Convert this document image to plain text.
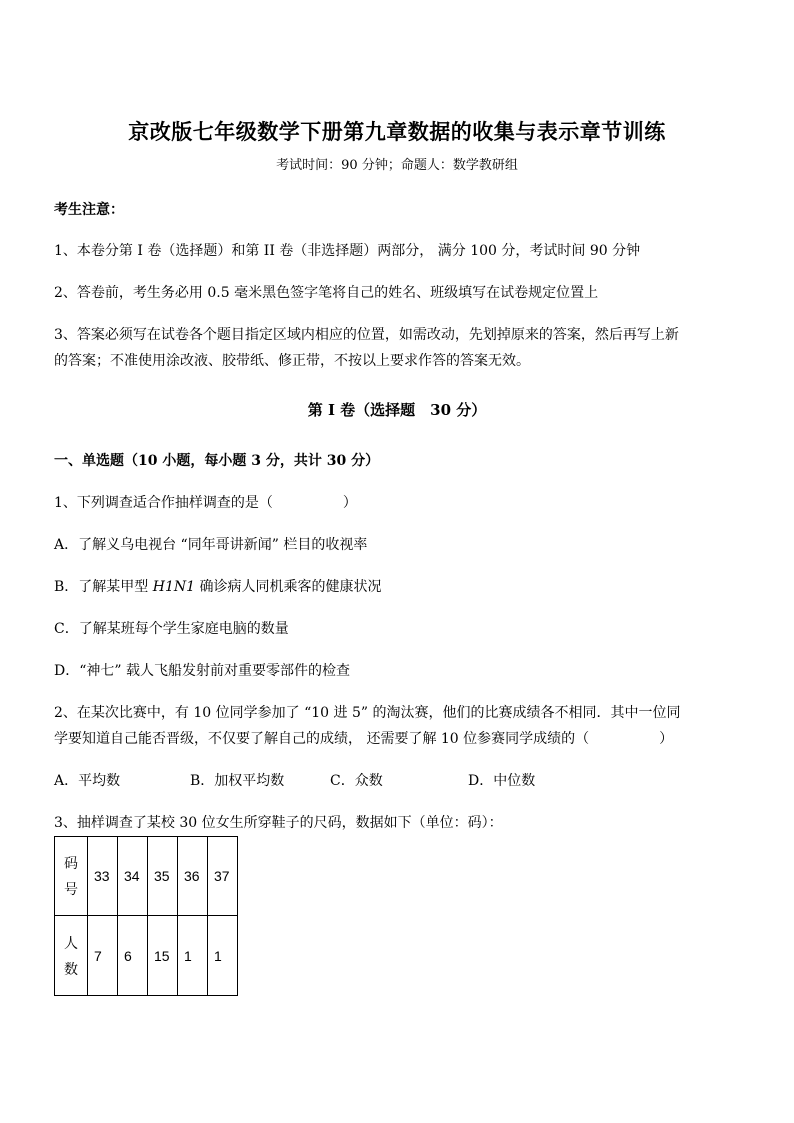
京改版七年级数学下册第九章数据的收集与表示章节训练
考试时间：90 分钟；命题人：数学教研组
考生注意：
1、本卷分第 I 卷（选择题）和第 II 卷（非选择题）两部分， 满分 100 分，考试时间 90 分钟
2、答卷前，考生务必用 0.5 毫米黑色签字笔将自己的姓名、班级填写在试卷规定位置上
3、答案必须写在试卷各个题目指定区域内相应的位置，如需改动，先划掉原来的答案，然后再写上新
的答案；不准使用涂改液、胶带纸、修正带，不按以上要求作答的答案无效。
第 I 卷（选择题　30 分）
一、单选题（10 小题，每小题 3 分，共计 30 分）
1、下列调查适合作抽样调查的是（　　　　　）
A．了解义乌电视台 “同年哥讲新闻” 栏目的收视率
B．了解某甲型 H1N1 确诊病人同机乘客的健康状况
C．了解某班每个学生家庭电脑的数量
D．“神七” 载人飞船发射前对重要零部件的检查
2、在某次比赛中，有 10 位同学参加了 “10 进 5” 的淘汰赛，他们的比赛成绩各不相同．其中一位同
学要知道自己能否晋级，不仅要了解自己的成绩， 还需要了解 10 位参赛同学成绩的（　　　　　）
A．平均数	B．加权平均数	C．众数	D．中位数
3、抽样调查了某校 30 位女生所穿鞋子的尺码，数据如下（单位：码）：
码
号	33	34	35	36	37

人
数	7	6	15	1	1
